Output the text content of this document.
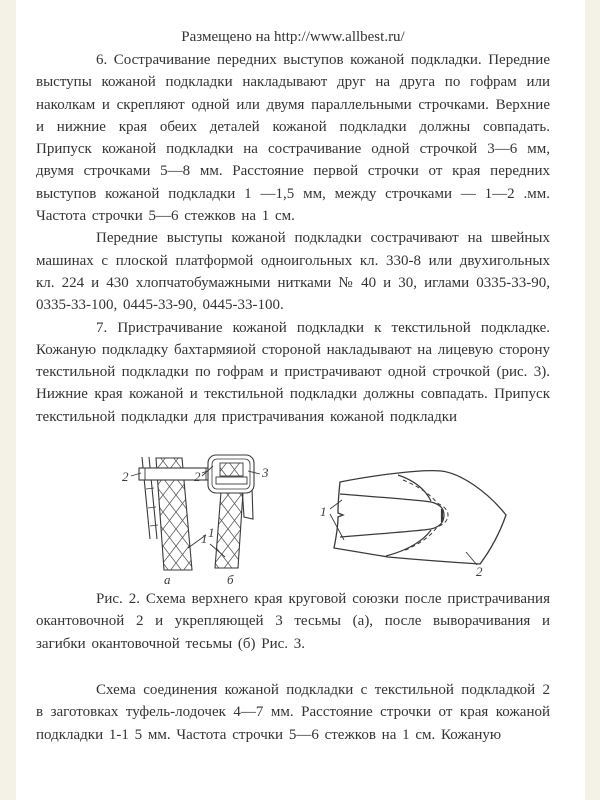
Размещено на http://www.allbest.ru/

6. Сострачивание передних выступов кожаной подкладки. Передние выступы кожаной подкладки накладывают друг на друга по гофрам или наколкам и скрепляют одной или двумя параллельными строчками. Верхние и нижние края обеих деталей кожаной подкладки должны совпадать. Припуск кожаной подкладки на сострачивание одной строчкой 3—6 мм, двумя строчками 5—8 мм. Расстояние первой строчки от края передних выступов кожаной подкладки 1 —1,5 мм, между строчками — 1—2 .мм. Частота строчки 5—6 стежков на 1 см.

Передние выступы кожаной подкладки сострачивают на швейных машинах с плоской платформой одноигольных кл. 330-8 или двухигольных кл. 224 и 430 хлопчатобумажными нитками № 40 и 30, иглами 0335-33-90, 0335-33-100, 0445-33-90, 0445-33-100.

7. Пристрачивание кожаной подкладки к текстильной подкладке. Кожаную подкладку бахтармяиой стороной накладывают на лицевую сторону текстильной подкладки по гофрам и пристрачивают одной строчкой (рис. 3). Нижние края кожаной и текстильной подкладки должны совпадать. Припуск текстильной подкладки для пристрачивания кожаной подкладки

2
1
а
2	3
1
б
1
2

Рис. 2. Схема верхнего края круговой союзки после пристрачивания окантовочной 2 и укрепляющей 3 тесьмы (а), после выворачивания и загибки окантовочной тесьмы (б) Рис. 3.

Схема соединения кожаной подкладки с текстильной подкладкой 2 в заготовках туфель-лодочек 4—7 мм. Расстояние строчки от края кожаной подкладки 1-1 5 мм. Частота строчки 5—6 стежков на 1 см. Кожаную
